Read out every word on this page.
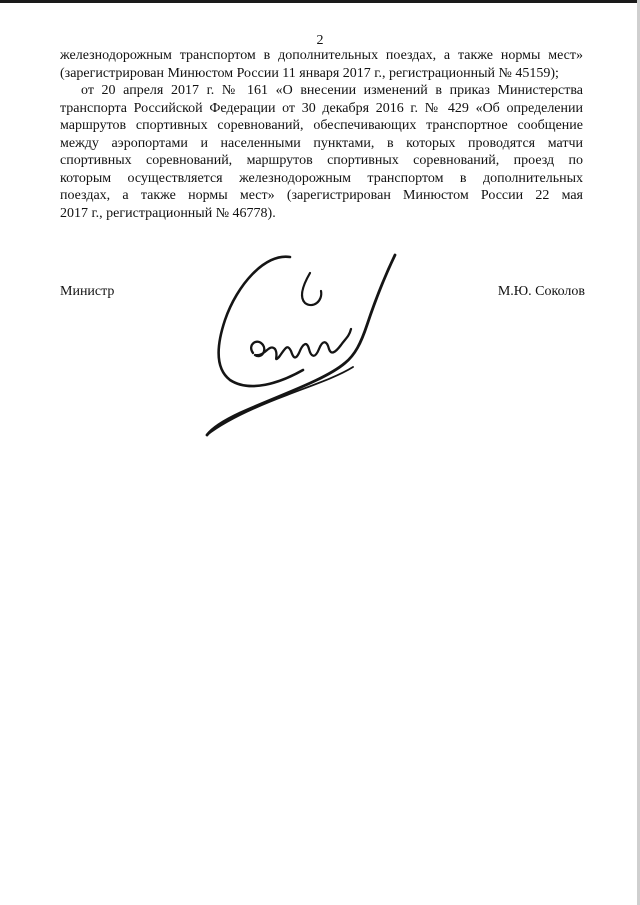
2
железнодорожным транспортом в дополнительных поездах, а также нормы мест»
(зарегистрирован Минюстом России 11 января 2017 г., регистрационный № 45159);
от 20 апреля 2017 г. № 161 «О внесении изменений в приказ Министерства
транспорта Российской Федерации от 30 декабря 2016 г. № 429 «Об определении
маршрутов спортивных соревнований, обеспечивающих транспортное сообщение
между аэропортами и населенными пунктами, в которых проводятся матчи
спортивных соревнований, маршрутов спортивных соревнований, проезд по
которым осуществляется железнодорожным транспортом в дополнительных
поездах, а также нормы мест» (зарегистрирован Минюстом России 22 мая
2017 г., регистрационный № 46778).
Министр	М.Ю. Соколов
